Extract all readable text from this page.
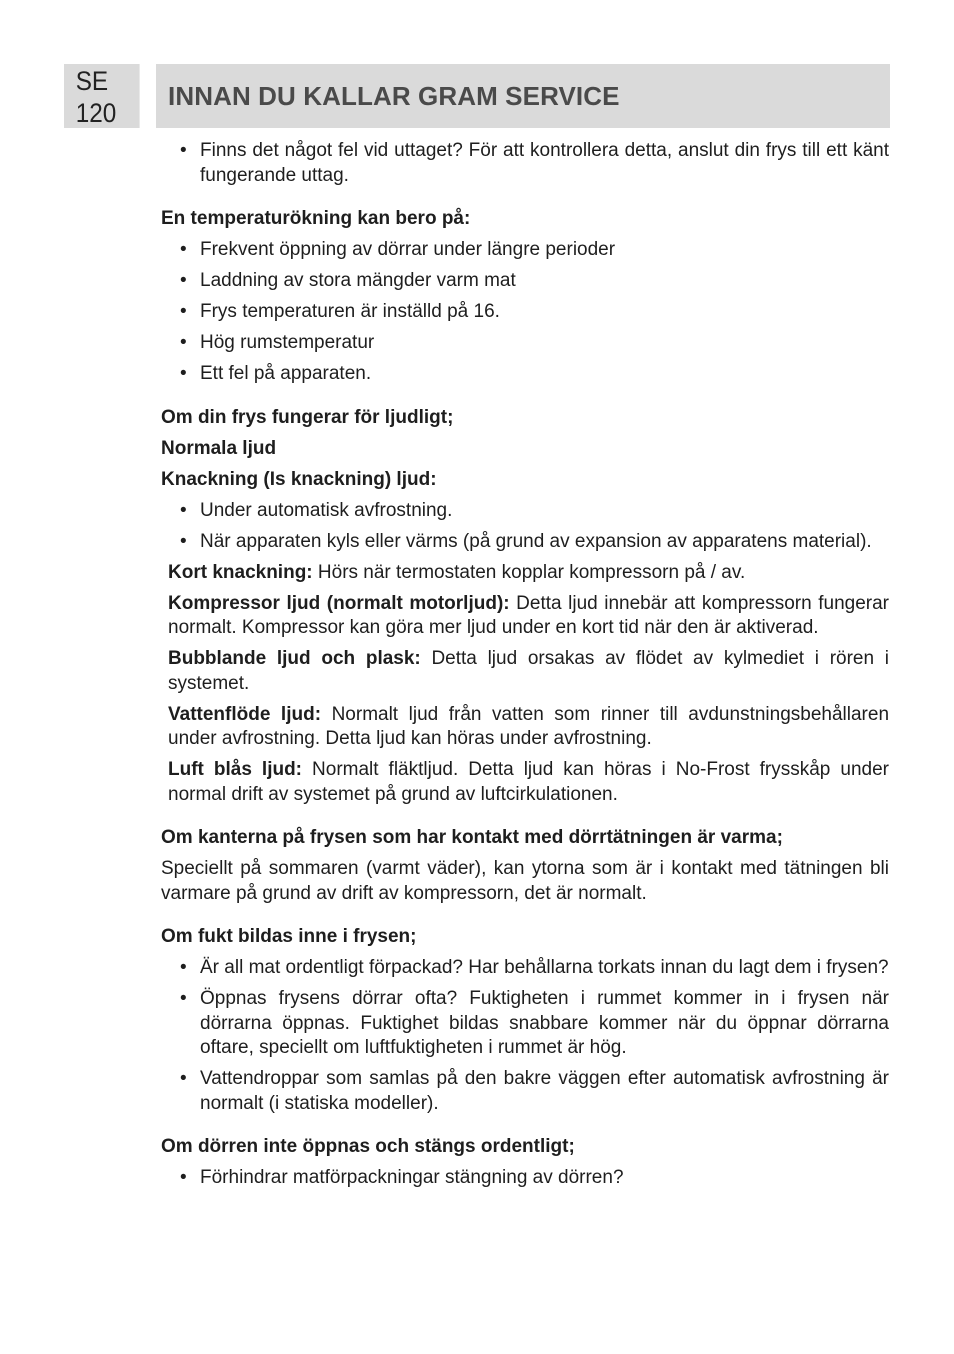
SE
120
INNAN DU KALLAR GRAM SERVICE
• Finns det något fel vid uttaget? För att kontrollera detta, anslut din frys till ett känt fungerande uttag.

En temperaturökning kan bero på:

• Frekvent öppning av dörrar under längre perioder
• Laddning av stora mängder varm mat
• Frys temperaturen är inställd på 16.
• Hög rumstemperatur
• Ett fel på apparaten.

Om din frys fungerar för ljudligt;

Normala ljud

Knackning (Is knackning) ljud:

• Under automatisk avfrostning.
• När apparaten kyls eller värms (på grund av expansion av apparatens material).

Kort knackning: Hörs när termostaten kopplar kompressorn på / av.

Kompressor ljud (normalt motorljud): Detta ljud innebär att kompressorn fungerar normalt. Kompressor kan göra mer ljud under en kort tid när den är aktiverad.

Bubblande ljud och plask: Detta ljud orsakas av flödet av kylmediet i rören i systemet.

Vattenflöde ljud: Normalt ljud från vatten som rinner till avdunstningsbehållaren under avfrostning. Detta ljud kan höras under avfrostning.

Luft blås ljud: Normalt fläktljud. Detta ljud kan höras i No-Frost frysskåp under normal drift av systemet på grund av luftcirkulationen.

Om kanterna på frysen som har kontakt med dörrtätningen är varma;

Speciellt på sommaren (varmt väder), kan ytorna som är i kontakt med tätningen bli varmare på grund av drift av kompressorn, det är normalt.

Om fukt bildas inne i frysen;

• Är all mat ordentligt förpackad? Har behållarna torkats innan du lagt dem i frysen?
• Öppnas frysens dörrar ofta? Fuktigheten i rummet kommer in i frysen när dörrarna öppnas. Fuktighet bildas snabbare kommer när du öppnar dörrarna oftare, speciellt om luftfuktigheten i rummet är hög.
• Vattendroppar som samlas på den bakre väggen efter automatisk avfrostning är normalt (i statiska modeller).

Om dörren inte öppnas och stängs ordentligt;

• Förhindrar matförpackningar stängning av dörren?
